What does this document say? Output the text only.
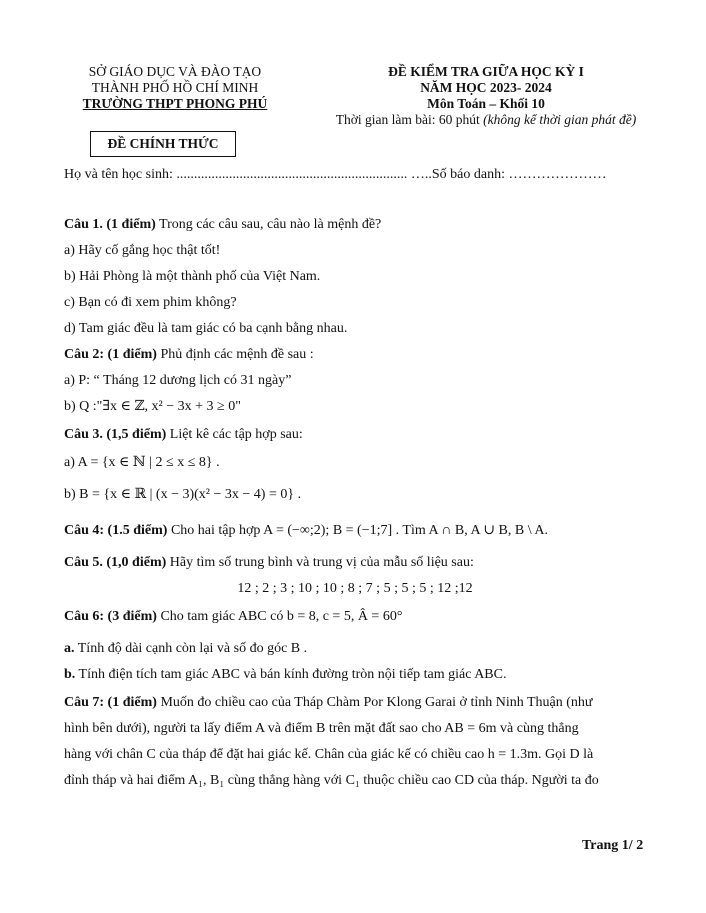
SỞ GIÁO DỤC VÀ ĐÀO TẠO
THÀNH PHỐ HỒ CHÍ MINH
TRƯỜNG THPT PHONG PHÚ
ĐỀ KIỂM TRA GIỮA HỌC KỲ I
NĂM HỌC 2023- 2024
Môn Toán – Khối 10
Thời gian làm bài: 60 phút (không kể thời gian phát đề)
ĐỀ CHÍNH THỨC
Họ và tên học sinh: .................................................................. …..Số báo danh: …………………
Câu 1. (1 điểm) Trong các câu sau, câu nào là mệnh đề?
a) Hãy cố gắng học thật tốt!
b) Hải Phòng là một thành phố của Việt Nam.
c) Bạn có đi xem phim không?
d) Tam giác đều là tam giác có ba cạnh bằng nhau.
Câu 2: (1 điểm) Phủ định các mệnh đề sau :
a) P: “ Tháng 12 dương lịch có 31 ngày”
b) Q :"∃x ∈ ℤ, x² − 3x + 3 ≥ 0"
Câu 3. (1,5 điểm) Liệt kê các tập hợp sau:
a) A = {x ∈ ℕ | 2 ≤ x ≤ 8} .
b) B = {x ∈ ℝ | (x − 3)(x² − 3x − 4) = 0} .
Câu 4: (1.5 điểm) Cho hai tập hợp A = (−∞;2); B = (−1;7] . Tìm A ∩ B, A ∪ B, B \ A.
Câu 5. (1,0 điểm) Hãy tìm số trung bình và trung vị của mẫu số liệu sau:
12 ; 2 ; 3 ; 10 ; 10 ; 8 ; 7 ; 5 ; 5 ; 5 ; 12 ;12
Câu 6: (3 điểm) Cho tam giác ABC có b = 8, c = 5, Â = 60°
a. Tính độ dài cạnh còn lại và số đo góc B .
b. Tính điện tích tam giác ABC và bán kính đường tròn nội tiếp tam giác ABC.
Câu 7: (1 điểm) Muốn đo chiều cao của Tháp Chàm Por Klong Garai ở tỉnh Ninh Thuận (như
hình bên dưới), người ta lấy điểm A và điểm B trên mặt đất sao cho AB = 6m và cùng thẳng
hàng với chân C của tháp để đặt hai giác kế. Chân của giác kế có chiều cao h = 1.3m. Gọi D là
đỉnh tháp và hai điểm A₁, B₁ cùng thẳng hàng với C₁ thuộc chiều cao CD của tháp. Người ta đo
Trang 1/ 2
